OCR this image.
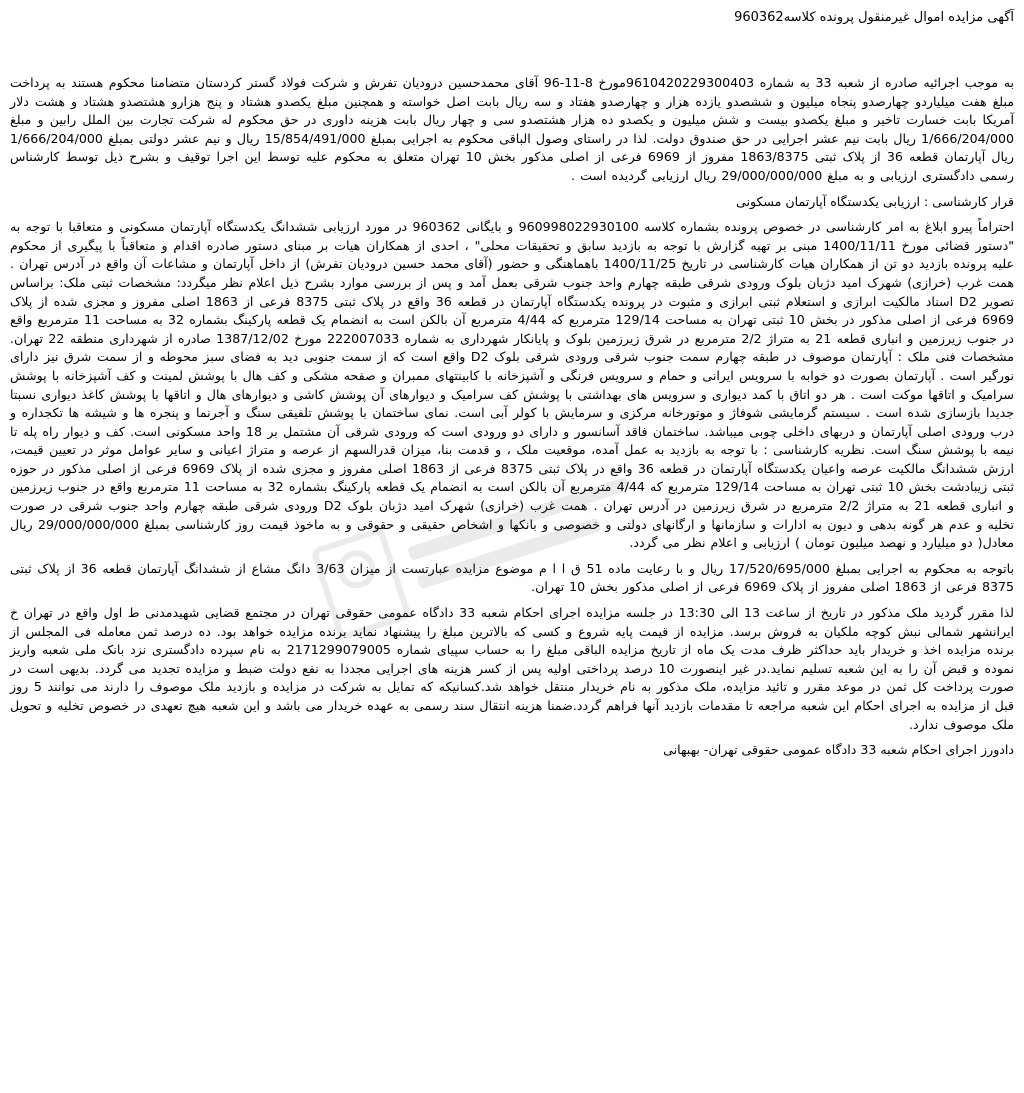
آگهی مزایده اموال غیرمنقول پرونده کلاسه960362

به موجب اجرائیه صادره از شعبه 33 به شماره 9610420229300403مورخ 8-11-96 آقای محمدحسین درودیان تفرش و شرکت فولاد گستر کردستان متضامنا محکوم هستند به پرداخت مبلغ هفت میلیاردو چهارصدو پنجاه میلیون و ششصدو یازده هزار و چهارصدو هفتاد و سه ریال بابت اصل خواسته و همچنین مبلغ یکصدو هشتاد و پنج هزارو هشتصدو هشتاد و هشت دلار آمریکا بابت خسارت تاخیر و مبلغ یکصدو بیست و شش میلیون و یکصدو ده هزار هشتصدو سی و چهار ریال بابت هزینه داوری در حق محکوم له شرکت تجارت بین الملل رابین و مبلغ 1/666/204/000 ریال بابت نیم عشر اجرایی در حق صندوق دولت. لذا در راستای وصول الباقی محکوم به اجرایی بمبلغ 15/854/491/000 ریال و نیم عشر دولتی بمبلغ 1/666/204/000 ریال آپارتمان قطعه 36 از پلاک ثبتی 1863/8375 مفروز از 6969 فرعی از اصلی مذکور بخش 10 تهران متعلق به محکوم علیه توسط این اجرا توقیف و بشرح ذیل توسط کارشناس رسمی دادگستری ارزیابی و به مبلغ 29/000/000/000 ریال ارزیابی گردیده است .

قرار کارشناسی : ارزیابی یکدستگاه آپارتمان مسکونی

احتراماً پیرو ابلاغ به امر کارشناسی در خصوص پرونده بشماره کلاسه 960998022930100 و بایگانی 960362 در مورد ارزیابی ششدانگ یکدستگاه آپارتمان مسکونی و متعاقبا با توجه به "دستور قضائی مورخ 1400/11/11 مبنی بر تهیه گزارش با توجه به بازدید سابق و تحقیقات محلی" ، احدی از همکاران هیات بر مبنای دستور صادره اقدام و متعاقباً با پیگیری از محکوم علیه پرونده بازدید دو تن از همکاران هیات کارشناسی در تاریخ 1400/11/25 باهماهنگی و حضور (آقای محمد حسین درودیان تفرش) از داخل آپارتمان و مشاعات آن واقع در آدرس تهران . همت غرب (خرازی) شهرک امید دژبان بلوک ورودی شرقی طبقه چهارم واحد جنوب شرقی بعمل آمد و پس از بررسی موارد بشرح ذیل اعلام نظر میگردد: مشخصات ثبتی ملک: براساس تصویر D2 اسناد مالکیت ابرازی و استعلام ثبتی ابرازی و مثبوت در پرونده یکدستگاه آپارتمان در قطعه 36 واقع در پلاک ثبتی 8375 فرعی از 1863 اصلی مفروز و مجزی شده از پلاک 6969 فرعی از اصلی مذکور در بخش 10 ثبتی تهران به مساحت 129/14 مترمربع که 4/44 مترمربع آن بالکن است به انضمام یک قطعه پارکینگ بشماره 32 به مساحت 11 مترمربع واقع در جنوب زیرزمین و انباری قطعه 21 به متراژ 2/2 مترمربع در شرق زیرزمین بلوک و پایانکار شهرداری به شماره 222007033 مورخ 1387/12/02 صادره از شهرداری منطقه 22 تهران. مشخصات فنی ملک : آپارتمان موصوف در طبقه چهارم سمت جنوب شرقی ورودی شرقی بلوک D2 واقع است که از سمت جنوبی دید به فضای سبز محوطه و از سمت شرق نیز دارای نورگیر است . آپارتمان بصورت دو خوابه با سرویس ایرانی و حمام و سرویس فرنگی و آشپزخانه با کابینتهای ممبران و صفحه مشکی و کف هال با پوشش لمینت و کف آشپزخانه با پوشش سرامیک و اتاقها موکت است . هر دو اتاق با کمد دیواری و سرویس های بهداشتی با پوشش کف سرامیک و دیوارهای آن پوشش کاشی و دیوارهای هال و اتاقها با پوشش کاغذ دیواری نسبتا جدیدا بازسازی شده است . سیستم گرمایشی شوفاژ و موتورخانه مرکزی و سرمایش با کولر آبی است. نمای ساختمان با پوشش تلفیقی سنگ و آجرنما و پنجره ها و شیشه ها تکجداره و درب ورودی اصلی آپارتمان و دربهای داخلی چوبی میباشد. ساختمان فاقد آسانسور و دارای دو ورودی است که ورودی شرقی آن مشتمل بر 18 واحد مسکونی است. کف و دیوار راه پله تا نیمه با پوشش سنگ است. نظریه کارشناسی : با توجه به بازدید به عمل آمده، موقعیت ملک ، و قدمت بنا، میزان قدرالسهم از عرصه و متراژ اعیانی و سایر عوامل موثر در تعیین قیمت، ارزش ششدانگ مالکیت عرصه واعیان یکدستگاه آپارتمان در قطعه 36 واقع در پلاک ثبتی 8375 فرعی از 1863 اصلی مفروز و مجزی شده از پلاک 6969 فرعی از اصلی مذکور در حوزه ثبتی زیبادشت بخش 10 ثبتی تهران به مساحت 129/14 مترمربع که 4/44 مترمربع آن بالکن است به انضمام یک قطعه پارکینگ بشماره 32 به مساحت 11 مترمربع واقع در جنوب زیرزمین و انباری قطعه 21 به متراژ 2/2 مترمربع در شرق زیرزمین در آدرس تهران . همت غرب (خرازی) شهرک امید دژبان بلوک D2 ورودی شرقی طبقه چهارم واحد جنوب شرقی در صورت تخلیه و عدم هر گونه بدهی و دیون به ادارات و سازمانها و ارگانهای دولتی و خصوصی و بانکها و اشخاص حقیقی و حقوقی و به ماخوذ قیمت روز کارشناسی بمبلغ 29/000/000/000 ریال معادل( دو میلیارد و نهصد میلیون تومان ) ارزیابی و اعلام نظر می گردد.

باتوجه به محکوم به اجرایی بمبلغ 17/520/695/000 ریال و با رعایت ماده 51 ق ا ا م موضوع مزایده عبارتست از میزان 3/63 دانگ مشاع از ششدانگ آپارتمان قطعه 36 از پلاک ثبتی 8375 فرعی از 1863 اصلی مفروز از پلاک 6969 فرعی از اصلی مذکور بخش 10 تهران.

لذا مقرر گردید ملک مذکور در تاریخ از ساعت 13 الی 13:30 در جلسه مزایده اجرای احکام شعبه 33 دادگاه عمومی حقوقی تهران در مجتمع قضایی شهیدمدنی ط اول واقع در تهران خ ایرانشهر شمالی نبش کوچه ملکیان به فروش برسد. مزایده از قیمت پایه شروع و کسی که بالاترین مبلغ را پیشنهاد نماید برنده مزایده خواهد بود. ده درصد ثمن معامله فی المجلس از برنده مزایده اخذ و خریدار باید حداکثر ظرف مدت یک ماه از تاریخ مزایده الباقی مبلغ را به حساب سپیای شماره 2171299079005 به نام سپرده دادگستری نزد بانک ملی شعبه واریز نموده و قبض آن را به این شعبه تسلیم نماید.در غیر اینصورت 10 درصد پرداختی اولیه پس از کسر هزینه های اجرایی مجددا به نفع دولت ضبط و مزایده تجدید می گردد. بدیهی است در صورت پرداخت کل ثمن در موعد مقرر و تائید مزایده، ملک مذکور به نام خریدار منتقل خواهد شد.کسانیکه که تمایل به شرکت در مزایده و بازدید ملک موصوف را دارند می توانند 5 روز قبل از مزایده به اجرای احکام این شعبه مراجعه تا مقدمات بازدید آنها فراهم گردد.ضمنا هزینه انتقال سند رسمی به عهده خریدار می باشد و این شعبه هیچ تعهدی در خصوص تخلیه و تحویل ملک موصوف ندارد.

دادورز اجرای احکام شعبه 33 دادگاه عمومی حقوقی تهران- بهبهانی
